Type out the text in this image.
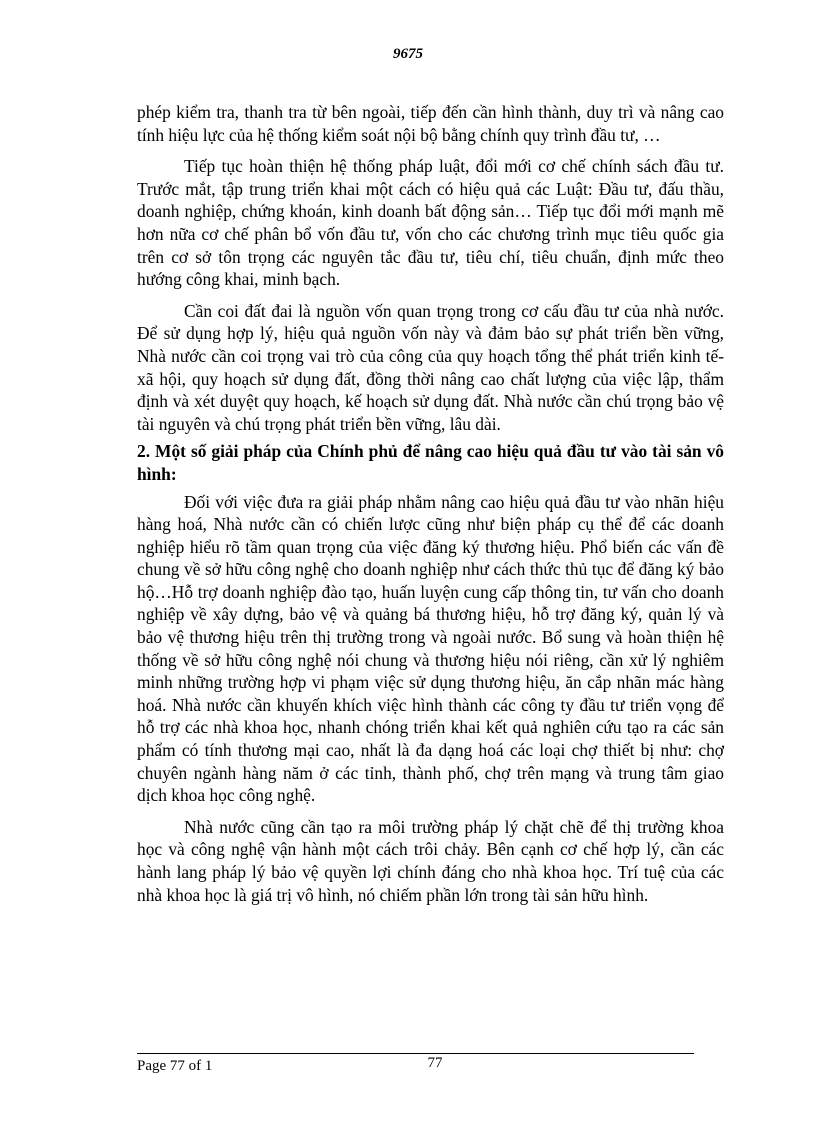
9675

phép kiểm tra, thanh tra từ bên ngoài, tiếp đến cần hình thành, duy trì và nâng cao tính hiệu lực của hệ thống kiểm soát nội bộ bằng chính quy trình đầu tư, …

Tiếp tục hoàn thiện hệ thống pháp luật, đổi mới cơ chế chính sách đầu tư. Trước mắt, tập trung triển khai một cách có hiệu quả các Luật: Đầu tư, đấu thầu, doanh nghiệp, chứng khoán, kinh doanh bất động sản… Tiếp tục đổi mới mạnh mẽ hơn nữa cơ chế phân bổ vốn đầu tư, vốn cho các chương trình mục tiêu quốc gia trên cơ sở tôn trọng các nguyên tắc đầu tư, tiêu chí, tiêu chuẩn, định mức theo hướng công khai, minh bạch.

Cần coi đất đai là nguồn vốn quan trọng trong cơ cấu đầu tư của nhà nước. Để sử dụng hợp lý, hiệu quả nguồn vốn này và đảm bảo sự phát triển bền vững, Nhà nước cần coi trọng vai trò của công của quy hoạch tổng thể phát triển kinh tế- xã hội, quy hoạch sử dụng đất, đồng thời nâng cao chất lượng của việc lập, thẩm định và xét duyệt quy hoạch, kế hoạch sử dụng đất. Nhà nước cần chú trọng bảo vệ tài nguyên và chú trọng phát triển bền vững, lâu dài.

2. Một số giải pháp của Chính phủ để nâng cao hiệu quả đầu tư vào tài sản vô hình:

Đối với việc đưa ra giải pháp nhằm nâng cao hiệu quả đầu tư vào nhãn hiệu hàng hoá, Nhà nước cần có chiến lược cũng như biện pháp cụ thể để các doanh nghiệp hiểu rõ tầm quan trọng của việc đăng ký thương hiệu. Phổ biến các vấn đề chung về sở hữu công nghệ cho doanh nghiệp như cách thức thủ tục để đăng ký bảo hộ…Hỗ trợ doanh nghiệp đào tạo, huấn luyện cung cấp thông tin, tư vấn cho doanh nghiệp về xây dựng, bảo vệ và quảng bá thương hiệu, hỗ trợ đăng ký, quản lý và bảo vệ thương hiệu trên thị trường trong và ngoài nước. Bổ sung và hoàn thiện hệ thống về sở hữu công nghệ nói chung và thương hiệu nói riêng, cần xử lý nghiêm minh những trường hợp vi phạm việc sử dụng thương hiệu, ăn cắp nhãn mác hàng hoá. Nhà nước cần khuyến khích việc hình thành các công ty đầu tư triển vọng để hỗ trợ các nhà khoa học, nhanh chóng triển khai kết quả nghiên cứu tạo ra các sản phẩm có tính thương mại cao, nhất là đa dạng hoá các loại chợ thiết bị như: chợ chuyên ngành hàng năm ở các tỉnh, thành phố, chợ trên mạng và trung tâm giao dịch khoa học công nghệ.

Nhà nước cũng cần tạo ra môi trường pháp lý chặt chẽ để thị trường khoa học và công nghệ vận hành một cách trôi chảy. Bên cạnh cơ chế hợp lý, cần các hành lang pháp lý bảo vệ quyền lợi chính đáng cho nhà khoa học. Trí tuệ của các nhà khoa học là giá trị vô hình, nó chiếm phần lớn trong tài sản hữu hình.

Page 77 of 1	77
